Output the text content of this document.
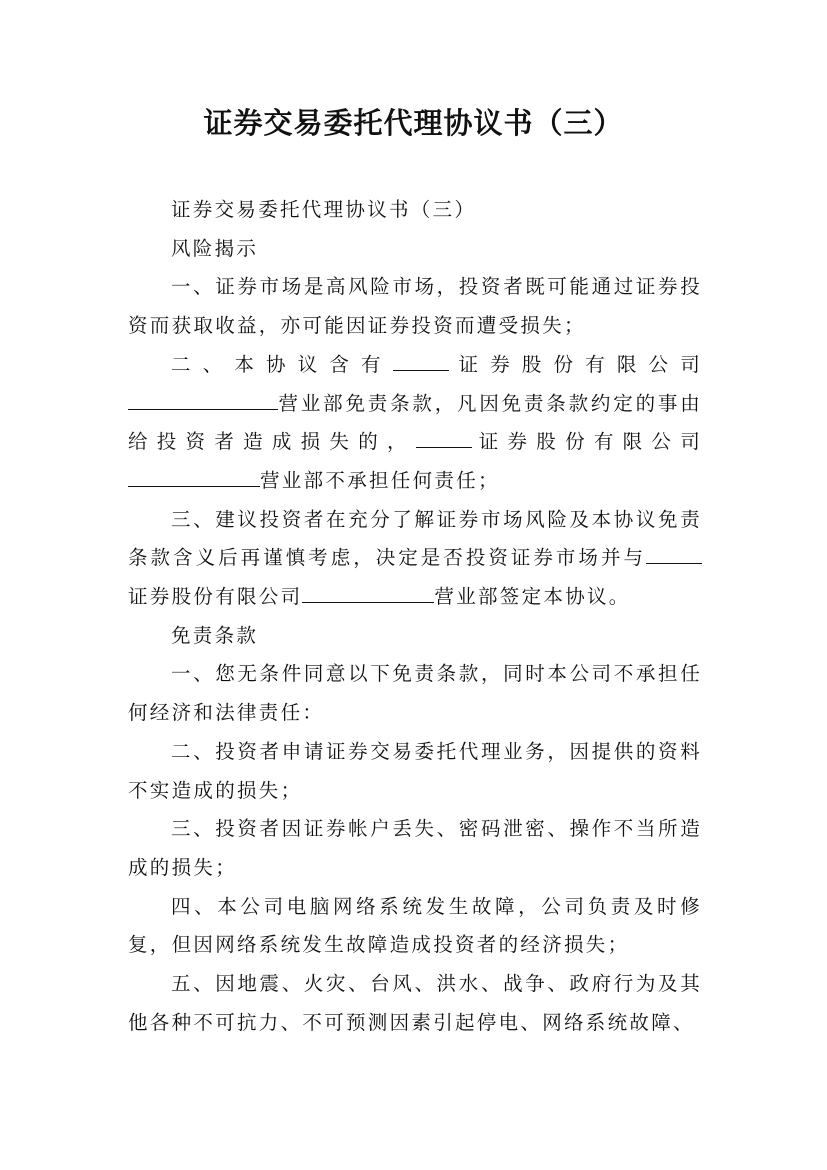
证券交易委托代理协议书（三）

证券交易委托代理协议书（三）

风险揭示

一、证券市场是高风险市场，投资者既可能通过证券投资而获取收益，亦可能因证券投资而遭受损失；

二、本协议含有	证券股份有限公司营业部免责条款，凡因免责条款约定的事由给投资者造成损失的，	证券股份有限公司营业部不承担任何责任；

三、建议投资者在充分了解证券市场风险及本协议免责条款含义后再谨慎考虑，决定是否投资证券市场并与证券股份有限公司	营业部签定本协议。

免责条款

一、您无条件同意以下免责条款，同时本公司不承担任何经济和法律责任：

二、投资者申请证券交易委托代理业务，因提供的资料不实造成的损失；

三、投资者因证券帐户丢失、密码泄密、操作不当所造成的损失；

四、本公司电脑网络系统发生故障，公司负责及时修复，但因网络系统发生故障造成投资者的经济损失；

五、因地震、火灾、台风、洪水、战争、政府行为及其他各种不可抗力、不可预测因素引起停电、网络系统故障、
